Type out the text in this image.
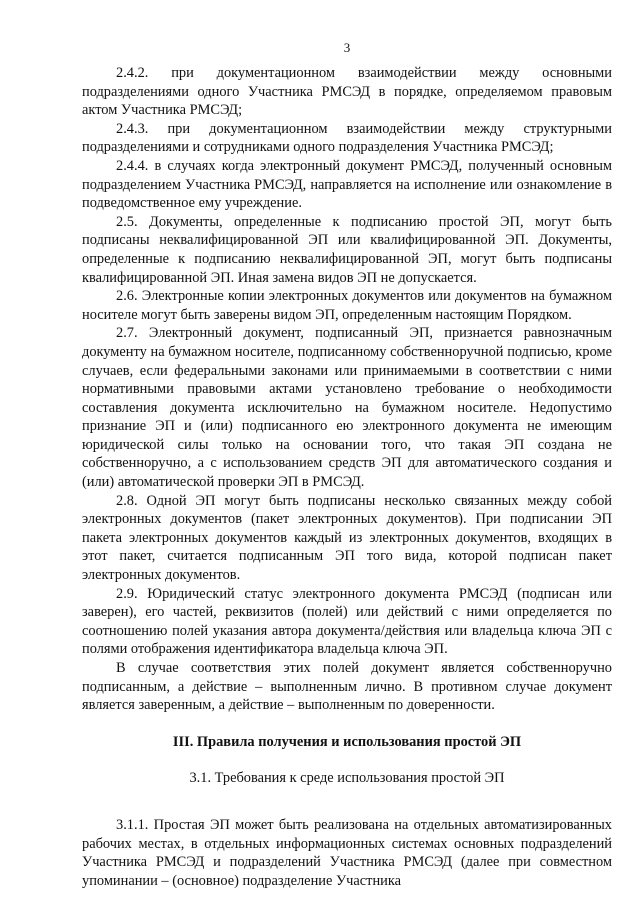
3

2.4.2. при документационном взаимодействии между основными подразделениями одного Участника РМСЭД в порядке, определяемом правовым актом Участника РМСЭД;

2.4.3. при документационном взаимодействии между структурными подразделениями и сотрудниками одного подразделения Участника РМСЭД;

2.4.4. в случаях когда электронный документ РМСЭД, полученный основным подразделением Участника РМСЭД, направляется на исполнение или ознакомление в подведомственное ему учреждение.

2.5. Документы, определенные к подписанию простой ЭП, могут быть подписаны неквалифицированной ЭП или квалифицированной ЭП. Документы, определенные к подписанию неквалифицированной ЭП, могут быть подписаны квалифицированной ЭП. Иная замена видов ЭП не допускается.

2.6. Электронные копии электронных документов или документов на бумажном носителе могут быть заверены видом ЭП, определенным настоящим Порядком.

2.7. Электронный документ, подписанный ЭП, признается равнозначным документу на бумажном носителе, подписанному собственноручной подписью, кроме случаев, если федеральными законами или принимаемыми в соответствии с ними нормативными правовыми актами установлено требование о необходимости составления документа исключительно на бумажном носителе. Недопустимо признание ЭП и (или) подписанного ею электронного документа не имеющим юридической силы только на основании того, что такая ЭП создана не собственноручно, а с использованием средств ЭП для автоматического создания и (или) автоматической проверки ЭП в РМСЭД.

2.8. Одной ЭП могут быть подписаны несколько связанных между собой электронных документов (пакет электронных документов). При подписании ЭП пакета электронных документов каждый из электронных документов, входящих в этот пакет, считается подписанным ЭП того вида, которой подписан пакет электронных документов.

2.9. Юридический статус электронного документа РМСЭД (подписан или заверен), его частей, реквизитов (полей) или действий с ними определяется по соотношению полей указания автора документа/действия или владельца ключа ЭП с полями отображения идентификатора владельца ключа ЭП.

В случае соответствия этих полей документ является собственноручно подписанным, а действие – выполненным лично. В противном случае документ является заверенным, а действие – выполненным по доверенности.

III. Правила получения и использования простой ЭП

3.1. Требования к среде использования простой ЭП

3.1.1. Простая ЭП может быть реализована на отдельных автоматизированных рабочих местах, в отдельных информационных системах основных подразделений Участника РМСЭД и подразделений Участника РМСЭД (далее при совместном упоминании – (основное) подразделение Участника
